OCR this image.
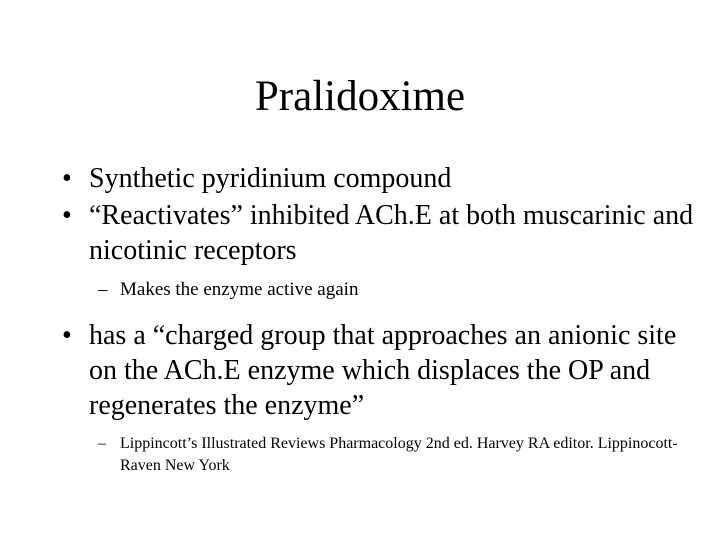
Pralidoxime
• Synthetic pyridinium compound
• “Reactivates” inhibited ACh.E at both muscarinic and nicotinic receptors
– Makes the enzyme active again
• has a “charged group that approaches an anionic site on the ACh.E enzyme which displaces the OP and regenerates the enzyme”
– Lippincott’s Illustrated Reviews Pharmacology 2nd ed. Harvey RA editor. Lippinocott-Raven New York
